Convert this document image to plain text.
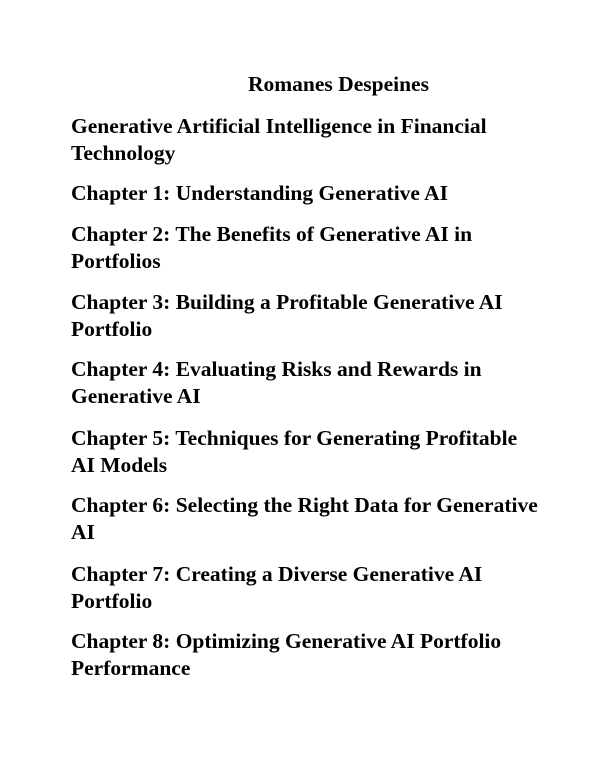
Romanes Despeines
Generative Artificial Intelligence in Financial Technology
Chapter 1: Understanding Generative AI
Chapter 2: The Benefits of Generative AI in Portfolios
Chapter 3: Building a Profitable Generative AI Portfolio
Chapter 4: Evaluating Risks and Rewards in Generative AI
Chapter 5: Techniques for Generating Profitable AI Models
Chapter 6: Selecting the Right Data for Generative AI
Chapter 7: Creating a Diverse Generative AI Portfolio
Chapter 8: Optimizing Generative AI Portfolio Performance
